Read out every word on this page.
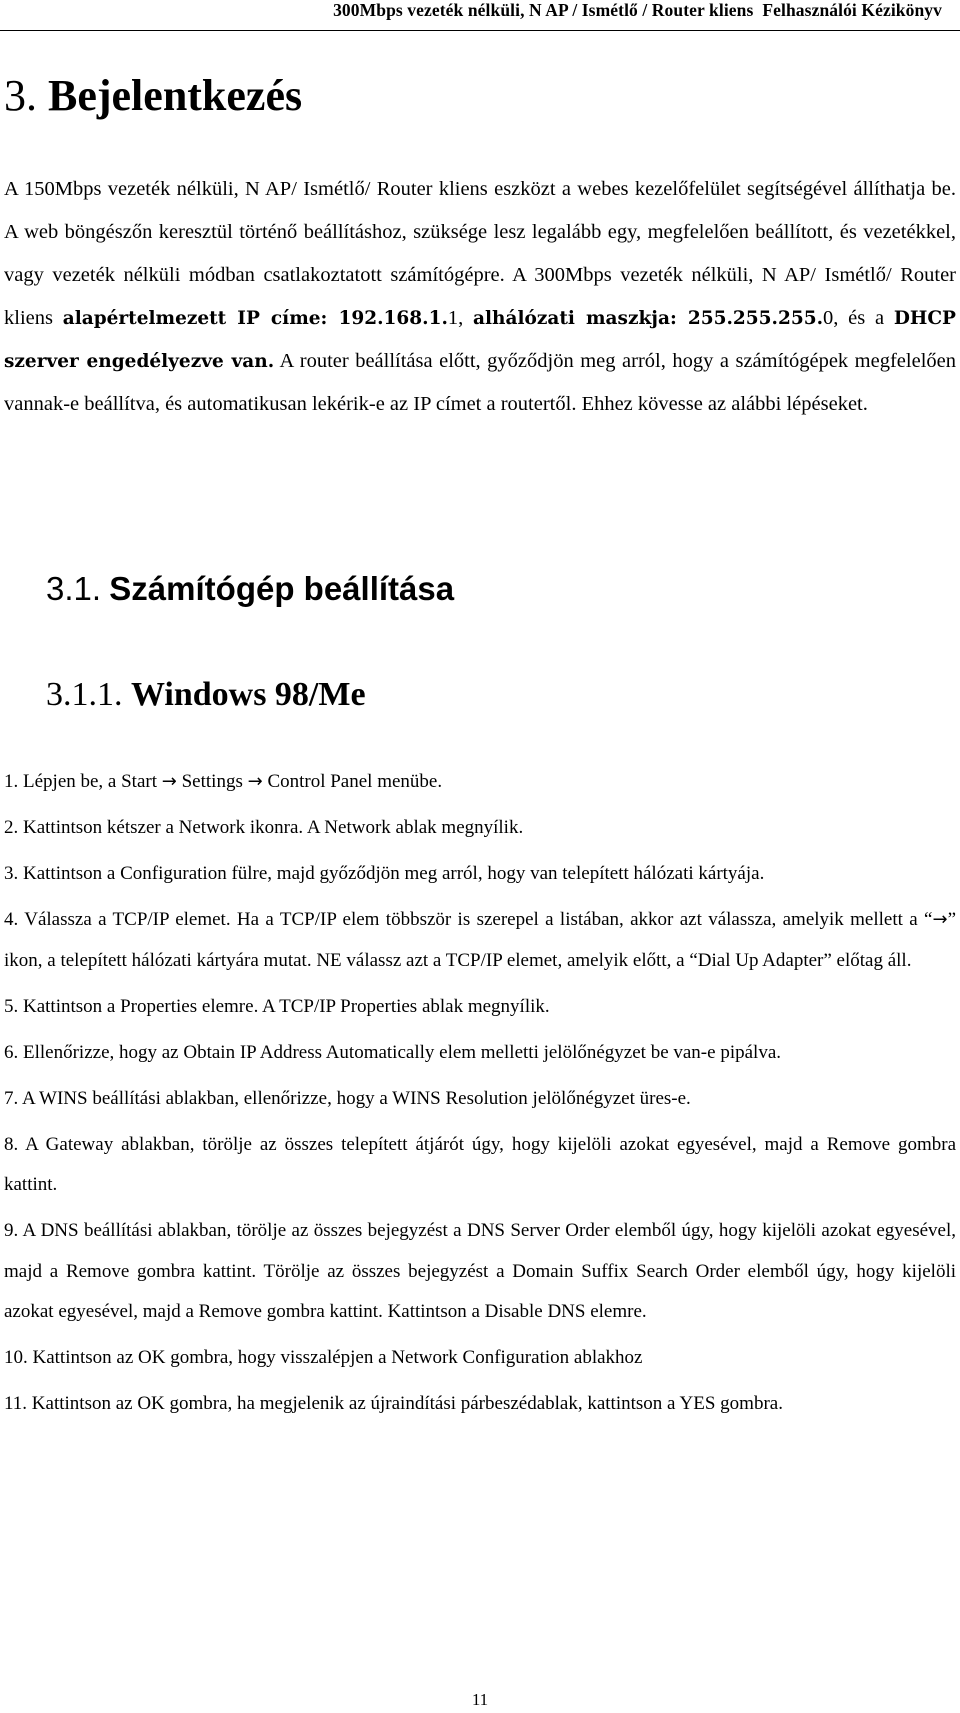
300Mbps vezeték nélküli, N AP / Ismétlő / Router kliens Felhasználói Kézikönyv
3. Bejelentkezés
A 150Mbps vezeték nélküli, N AP/ Ismétlő/ Router kliens eszközt a webes kezelőfelület segítségével állíthatja be. A web böngészőn keresztül történő beállításhoz, szüksége lesz legalább egy, megfelelően beállított, és vezetékkel, vagy vezeték nélküli módban csatlakoztatott számítógépre. A 300Mbps vezeték nélküli, N AP/ Ismétlő/ Router kliens alapértelmezett IP címe: 192.168.1.1, alhálózati maszkja: 255.255.255.0, és a DHCP szerver engedélyezve van. A router beállítása előtt, győződjön meg arról, hogy a számítógépek megfelelően vannak-e beállítva, és automatikusan lekérik-e az IP címet a routertől. Ehhez kövesse az alábbi lépéseket.
3.1. Számítógép beállítása
3.1.1. Windows 98/Me
1. Lépjen be, a Start → Settings → Control Panel menübe.
2. Kattintson kétszer a Network ikonra. A Network ablak megnyílik.
3. Kattintson a Configuration fülre, majd győződjön meg arról, hogy van telepített hálózati kártyája.
4. Válassza a TCP/IP elemet. Ha a TCP/IP elem többször is szerepel a listában, akkor azt válassza, amelyik mellett a “→” ikon, a telepített hálózati kártyára mutat. NE válassz azt a TCP/IP elemet, amelyik előtt, a “Dial Up Adapter” előtag áll.
5. Kattintson a Properties elemre. A TCP/IP Properties ablak megnyílik.
6. Ellenőrizze, hogy az Obtain IP Address Automatically elem melletti jelölőnégyzet be van-e pipálva.
7. A WINS beállítási ablakban, ellenőrizze, hogy a WINS Resolution jelölőnégyzet üres-e.
8. A Gateway ablakban, törölje az összes telepített átjárót úgy, hogy kijelöli azokat egyesével, majd a Remove gombra kattint.
9. A DNS beállítási ablakban, törölje az összes bejegyzést a DNS Server Order elemből úgy, hogy kijelöli azokat egyesével, majd a Remove gombra kattint. Törölje az összes bejegyzést a Domain Suffix Search Order elemből úgy, hogy kijelöli azokat egyesével, majd a Remove gombra kattint. Kattintson a Disable DNS elemre.
10. Kattintson az OK gombra, hogy visszalépjen a Network Configuration ablakhoz
11. Kattintson az OK gombra, ha megjelenik az újraindítási párbeszédablak, kattintson a YES gombra.
11
